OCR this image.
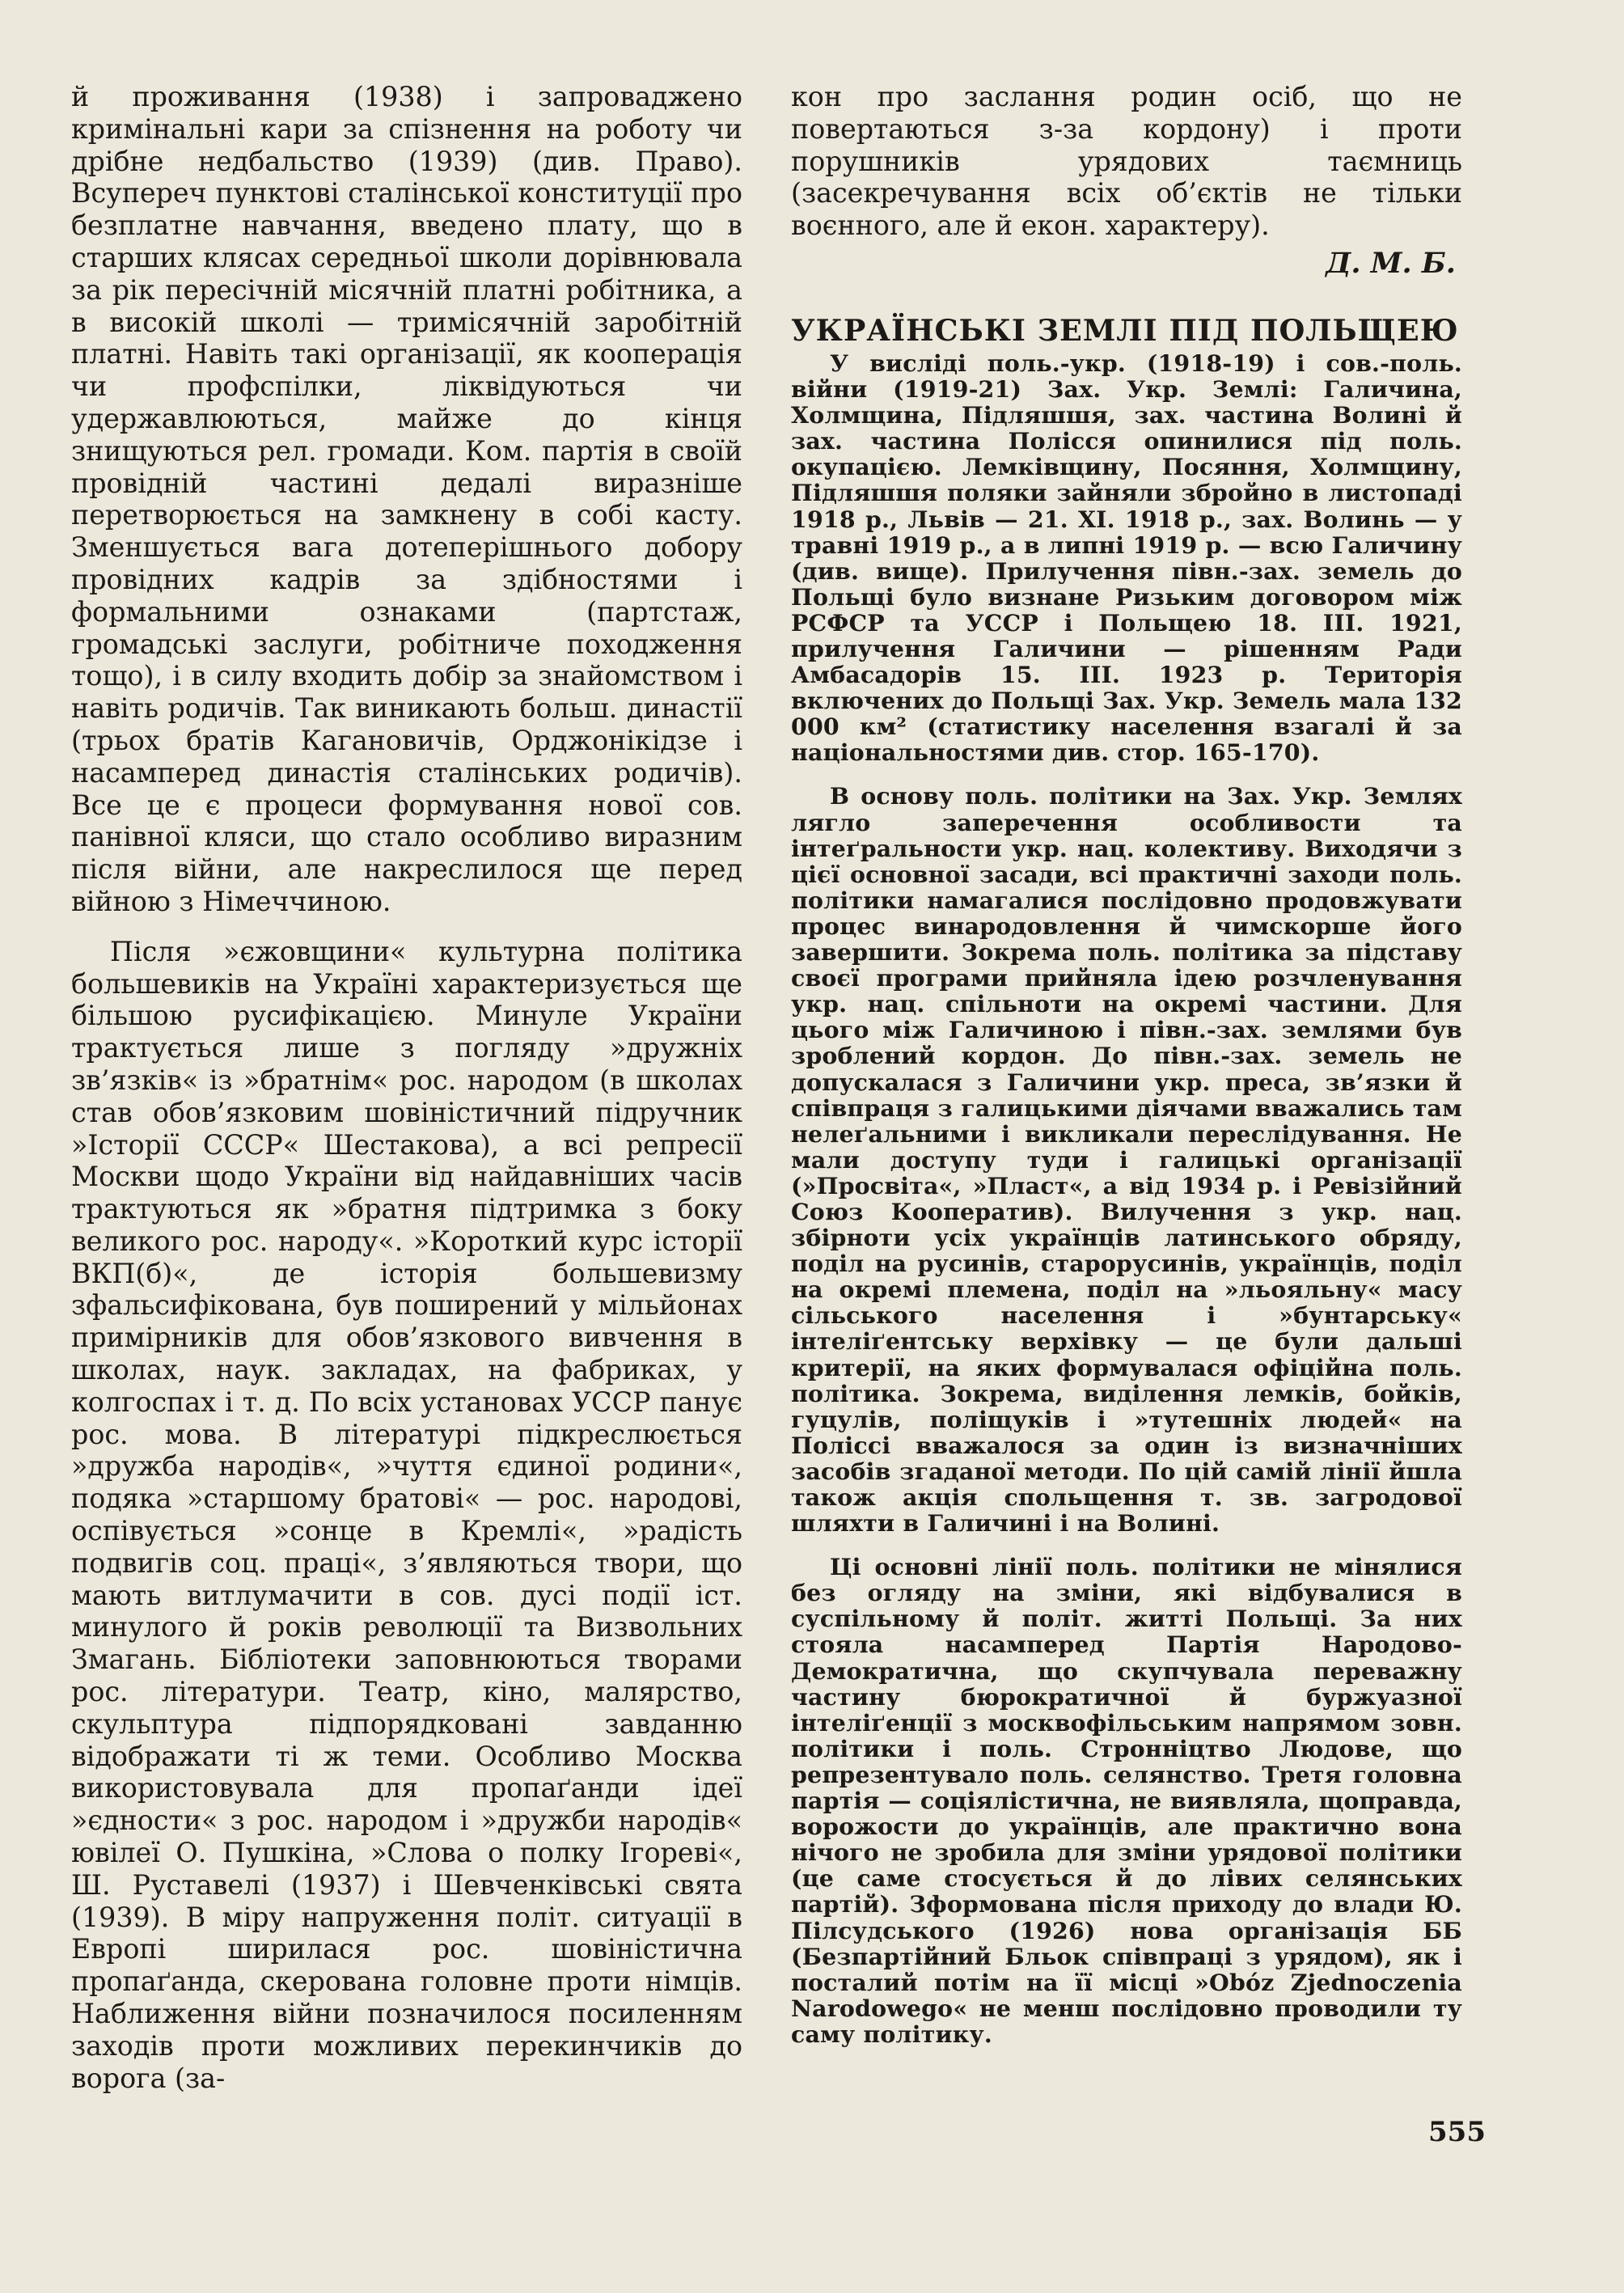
й проживання (1938) і запроваджено кримінальні кари за спізнення на роботу чи дрібне недбальство (1939) (див. Право). Всупереч пунктові сталінської конституції про безплатне навчання, введено плату, що в старших клясах середньої школи дорівнювала за рік пересічній місячній платні робітника, а в високій школі — тримісячній заробітній платні. Навіть такі організації, як кооперація чи профспілки, ліквідуються чи удержавлюються, майже до кінця знищуються рел. громади. Ком. партія в своїй провідній частині дедалі виразніше перетворюється на замкнену в собі касту. Зменшується вага дотеперішнього добору провідних кадрів за здібностями і формальними ознаками (партстаж, громадські заслуги, робітниче походження тощо), і в силу входить добір за знайомством і навіть родичів. Так виникають больш. династії (трьох братів Кагановичів, Орджонікідзе і насамперед династія сталінських родичів). Все це є процеси формування нової сов. панівної кляси, що стало особливо виразним після війни, але накреслилося ще перед війною з Німеччиною.

Після »єжовщини« культурна політика большевиків на Україні характеризується ще більшою русифікацією. Минуле України трактується лише з погляду »дружніх зв’язків« із »братнім« рос. народом (в школах став обов’язковим шовіністичний підручник »Історії СССР« Шестакова), а всі репресії Москви щодо України від найдавніших часів трактуються як »братня підтримка з боку великого рос. народу«. »Короткий курс історії ВКП(б)«, де історія большевизму зфальсифікована, був поширений у мільйонах примірників для обов’язкового вивчення в школах, наук. закладах, на фабриках, у колгоспах і т. д. По всіх установах УССР панує рос. мова. В літературі підкреслюється »дружба народів«, »чуття єдиної родини«, подяка »старшому братові« — рос. народові, оспівується »сонце в Кремлі«, »радість подвигів соц. праці«, з’являються твори, що мають витлумачити в сов. дусі події іст. минулого й років революції та Визвольних Змагань. Бібліотеки заповнюються творами рос. літератури. Театр, кіно, малярство, скульптура підпорядковані завданню відображати ті ж теми. Особливо Москва використовувала для пропаґанди ідеї »єдности« з рос. народом і »дружби народів« ювілеї О. Пушкіна, »Слова о полку Ігореві«, Ш. Руставелі (1937) і Шевченківські свята (1939). В міру напруження політ. ситуації в Европі ширилася рос. шовіністична пропаґанда, скерована головне проти німців. Наближення війни позначилося посиленням заходів проти можливих перекинчиків до ворога (за-

кон про заслання родин осіб, що не повертаються з-за кордону) і проти порушників урядових таємниць (засекречування всіх об’єктів не тільки воєнного, але й екон. характеру).

Д. М. Б.

УКРАЇНСЬКІ ЗЕМЛІ ПІД ПОЛЬЩЕЮ

У висліді поль.-укр. (1918-19) і сов.-поль. війни (1919-21) Зах. Укр. Землі: Галичина, Холмщина, Підляшшя, зах. частина Волині й зах. частина Полісся опинилися під поль. окупацією. Лемківщину, Посяння, Холмщину, Підляшшя поляки зайняли збройно в листопаді 1918 р., Львів — 21. XI. 1918 р., зах. Волинь — у травні 1919 р., а в липні 1919 р. — всю Галичину (див. вище). Прилучення півн.-зах. земель до Польщі було визнане Ризьким договором між РСФСР та УССР і Польщею 18. III. 1921, прилучення Галичини — рішенням Ради Амбасадорів 15. III. 1923 р. Територія включених до Польщі Зах. Укр. Земель мала 132 000 км² (статистику населення взагалі й за національностями див. стор. 165-170).

В основу поль. політики на Зах. Укр. Землях лягло заперечення особливости та інтеґральности укр. нац. колективу. Виходячи з цієї основної засади, всі практичні заходи поль. політики намагалися послідовно продовжувати процес винародовлення й чимскорше його завершити. Зокрема поль. політика за підставу своєї програми прийняла ідею розчленування укр. нац. спільноти на окремі частини. Для цього між Галичиною і півн.-зах. землями був зроблений кордон. До півн.-зах. земель не допускалася з Галичини укр. преса, зв’язки й співпраця з галицькими діячами вважались там нелеґальними і викликали переслідування. Не мали доступу туди і галицькі організації (»Просвіта«, »Пласт«, а від 1934 р. і Ревізійний Союз Кооператив). Вилучення з укр. нац. збірноти усіх українців латинського обряду, поділ на русинів, старорусинів, українців, поділ на окремі племена, поділ на »льояльну« масу сільського населення і »бунтарську« інтеліґентську верхівку — це були дальші критерії, на яких формувалася офіційна поль. політика. Зокрема, виділення лемків, бойків, гуцулів, поліщуків і »тутешніх людей« на Поліссі вважалося за один із визначніших засобів згаданої методи. По цій самій лінії йшла також акція спольщення т. зв. загродової шляхти в Галичині і на Волині.

Ці основні лінії поль. політики не мінялися без огляду на зміни, які відбувалися в суспільному й політ. житті Польщі. За них стояла насамперед Партія Народово-Демократична, що скупчувала переважну частину бюрократичної й буржуазної інтеліґенції з москвофільським напрямом зовн. політики і поль. Стронніцтво Людове, що репрезентувало поль. селянство. Третя головна партія — соціялістична, не виявляла, щоправда, ворожости до українців, але практично вона нічого не зробила для зміни урядової політики (це саме стосується й до лівих селянських партій). Зформована після приходу до влади Ю. Пілсудського (1926) нова організація ББ (Безпартійний Бльок співпраці з урядом), як і посталий потім на її місці »Obóz Zjednoczenia Narodowego« не менш послідовно проводили ту саму політику.

555
